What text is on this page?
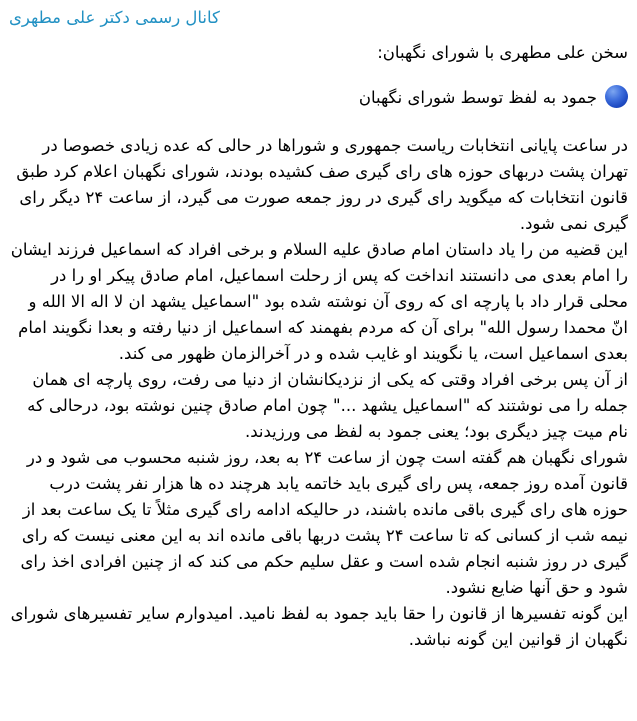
کانال رسمی دکتر علی مطهری
سخن علی مطهری با شورای نگهبان:
جمود به لفظ توسط شورای نگهبان

در ساعت پایانی انتخابات ریاست جمهوری و شوراها در حالی که عده زیادی خصوصا در تهران پشت دربهای حوزه های رای گیری صف کشیده بودند، شورای نگهبان اعلام کرد طبق قانون انتخابات که میگوید رای گیری در روز جمعه صورت می گیرد، از ساعت ۲۴ دیگر رای گیری نمی شود.

این قضیه من را یاد داستان امام صادق علیه السلام و برخی افراد که اسماعیل فرزند ایشان را امام بعدی می دانستند انداخت که پس از رحلت اسماعیل، امام صادق پیکر او را در محلی قرار داد با پارچه ای که روی آن نوشته شده بود "اسماعیل یشهد ان لا اله الا الله و انّ محمدا رسول الله" برای آن که مردم بفهمند که اسماعیل از دنیا رفته و بعدا نگویند امام بعدی اسماعیل است، یا نگویند او غایب شده و در آخرالزمان ظهور می کند.

از آن پس برخی افراد وقتی که یکی از نزدیکانشان از دنیا می رفت، روی پارچه ای همان جمله را می نوشتند که "اسماعیل یشهد ..." چون امام صادق چنین نوشته بود، درحالی که نام میت چیز دیگری بود؛ یعنی جمود به لفظ می ورزیدند.

شورای نگهبان هم گفته است چون از ساعت ۲۴ به بعد، روز شنبه محسوب می شود و در قانون آمده روز جمعه، پس رای گیری باید خاتمه یابد هرچند ده ها هزار نفر پشت درب حوزه های رای گیری باقی مانده باشند، در حالیکه ادامه رای گیری مثلاً تا یک ساعت بعد از نیمه شب از کسانی که تا ساعت ۲۴ پشت دربها باقی مانده اند به این معنی نیست که رای گیری در روز شنبه انجام شده است و عقل سلیم حکم می کند که از چنین افرادی اخذ رای شود و حق آنها ضایع نشود.

این گونه تفسیرها از قانون را حقا باید جمود به لفظ نامید. امیدوارم سایر تفسیرهای شورای نگهبان از قوانین این گونه نباشد.
